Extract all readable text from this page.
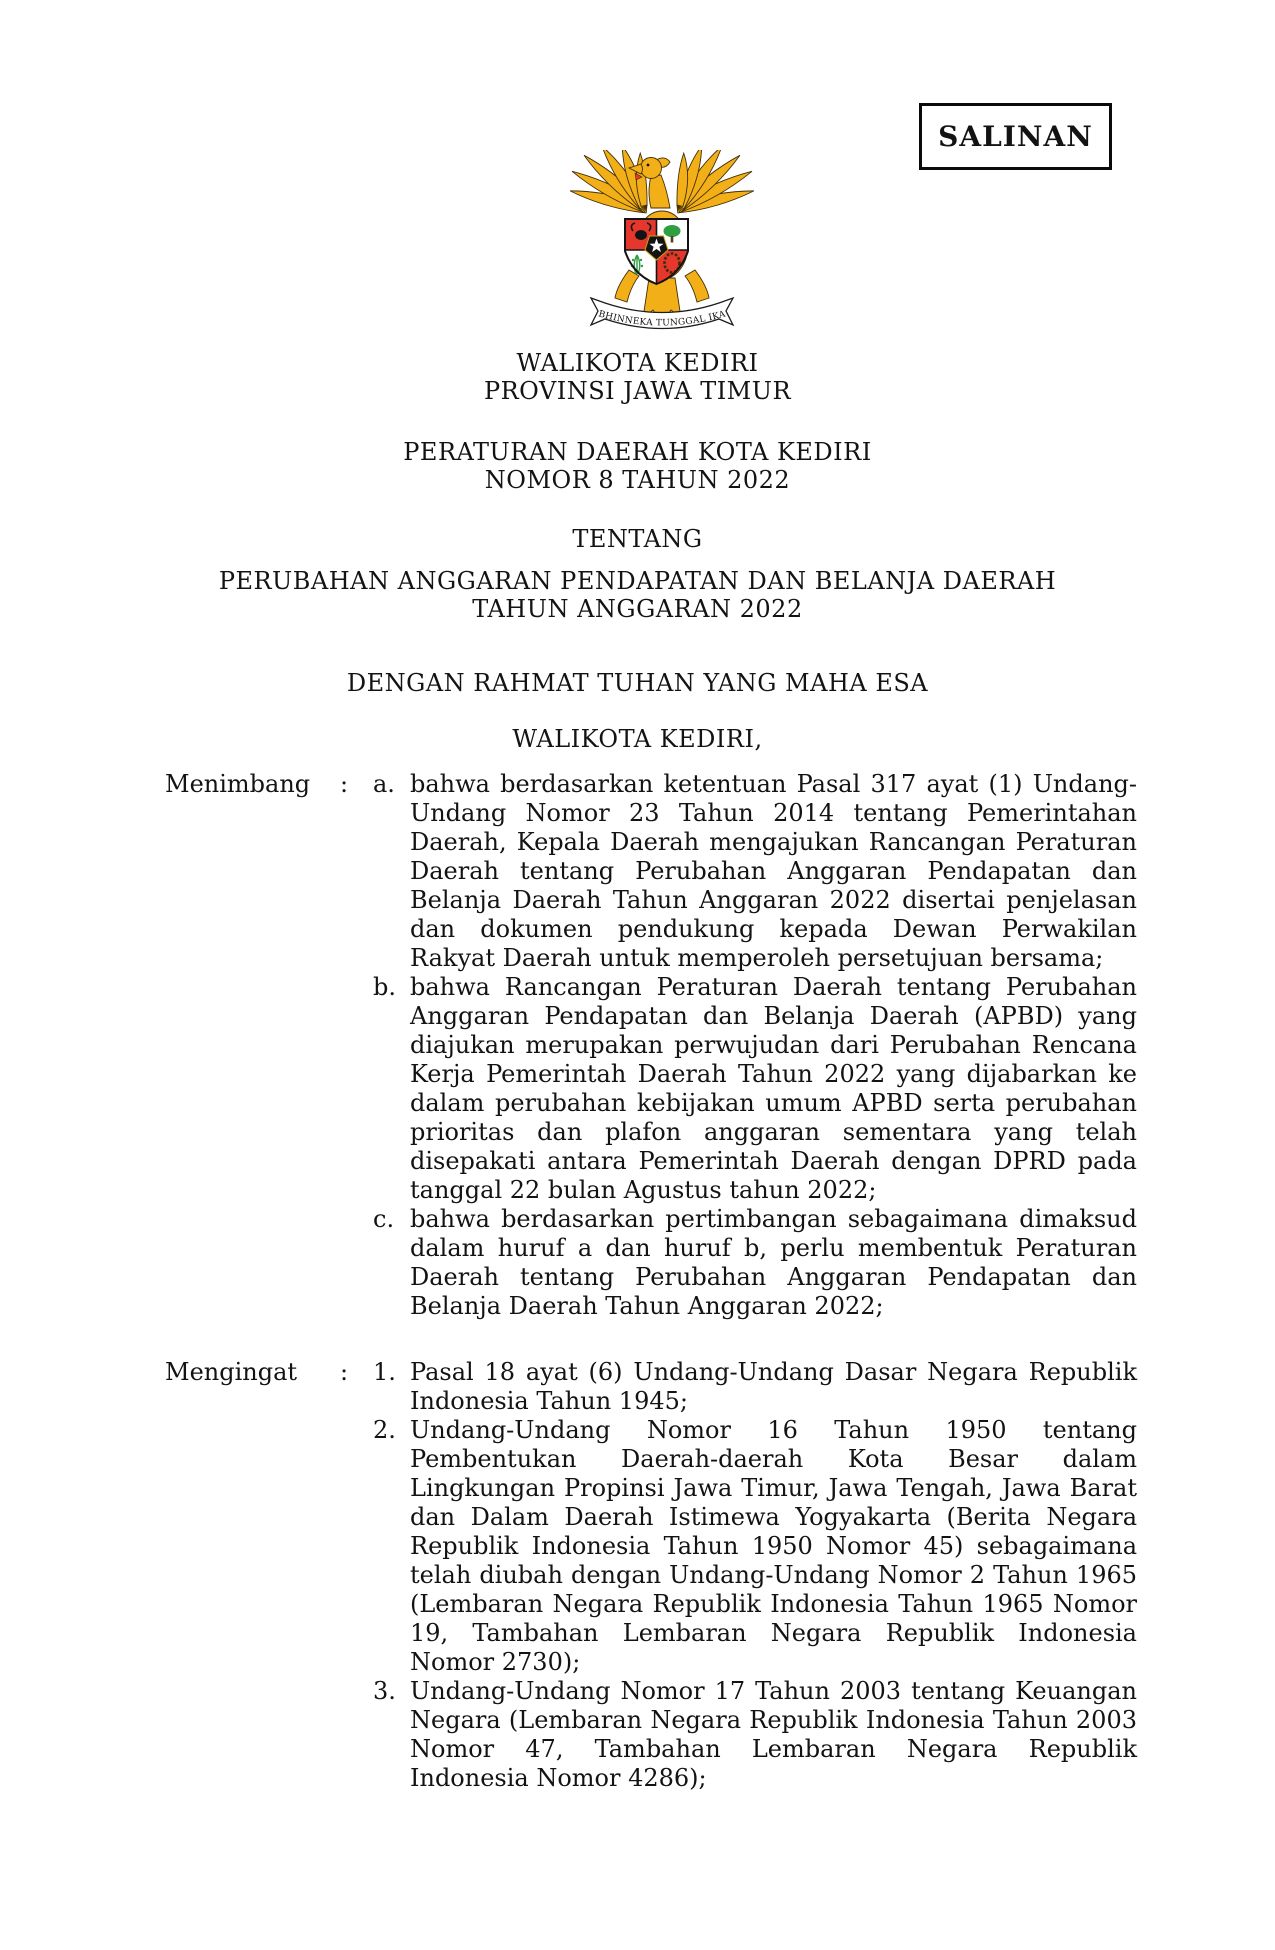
SALINAN
BHINNEKA TUNGGAL IKA
WALIKOTA KEDIRI
PROVINSI JAWA TIMUR
PERATURAN DAERAH KOTA KEDIRI
NOMOR 8 TAHUN 2022
TENTANG
PERUBAHAN ANGGARAN PENDAPATAN DAN BELANJA DAERAH
TAHUN ANGGARAN 2022
DENGAN RAHMAT TUHAN YANG MAHA ESA
WALIKOTA KEDIRI,
Menimbang	:	a. bahwa berdasarkan ketentuan Pasal 317 ayat (1) Undang-Undang Nomor 23 Tahun 2014 tentang Pemerintahan Daerah, Kepala Daerah mengajukan Rancangan Peraturan Daerah tentang Perubahan Anggaran Pendapatan dan Belanja Daerah Tahun Anggaran 2022 disertai penjelasan dan dokumen pendukung kepada Dewan Perwakilan Rakyat Daerah untuk memperoleh persetujuan bersama;
b. bahwa Rancangan Peraturan Daerah tentang Perubahan Anggaran Pendapatan dan Belanja Daerah (APBD) yang diajukan merupakan perwujudan dari Perubahan Rencana Kerja Pemerintah Daerah Tahun 2022 yang dijabarkan ke dalam perubahan kebijakan umum APBD serta perubahan prioritas dan plafon anggaran sementara yang telah disepakati antara Pemerintah Daerah dengan DPRD pada tanggal 22 bulan Agustus tahun 2022;
c. bahwa berdasarkan pertimbangan sebagaimana dimaksud dalam huruf a dan huruf b, perlu membentuk Peraturan Daerah tentang Perubahan Anggaran Pendapatan dan Belanja Daerah Tahun Anggaran 2022;
Mengingat	:	1. Pasal 18 ayat (6) Undang-Undang Dasar Negara Republik Indonesia Tahun 1945;
2. Undang-Undang Nomor 16 Tahun 1950 tentang Pembentukan Daerah-daerah Kota Besar dalam Lingkungan Propinsi Jawa Timur, Jawa Tengah, Jawa Barat dan Dalam Daerah Istimewa Yogyakarta (Berita Negara Republik Indonesia Tahun 1950 Nomor 45) sebagaimana telah diubah dengan Undang-Undang Nomor 2 Tahun 1965 (Lembaran Negara Republik Indonesia Tahun 1965 Nomor 19, Tambahan Lembaran Negara Republik Indonesia Nomor 2730);
3. Undang-Undang Nomor 17 Tahun 2003 tentang Keuangan Negara (Lembaran Negara Republik Indonesia Tahun 2003 Nomor 47, Tambahan Lembaran Negara Republik Indonesia Nomor 4286);
